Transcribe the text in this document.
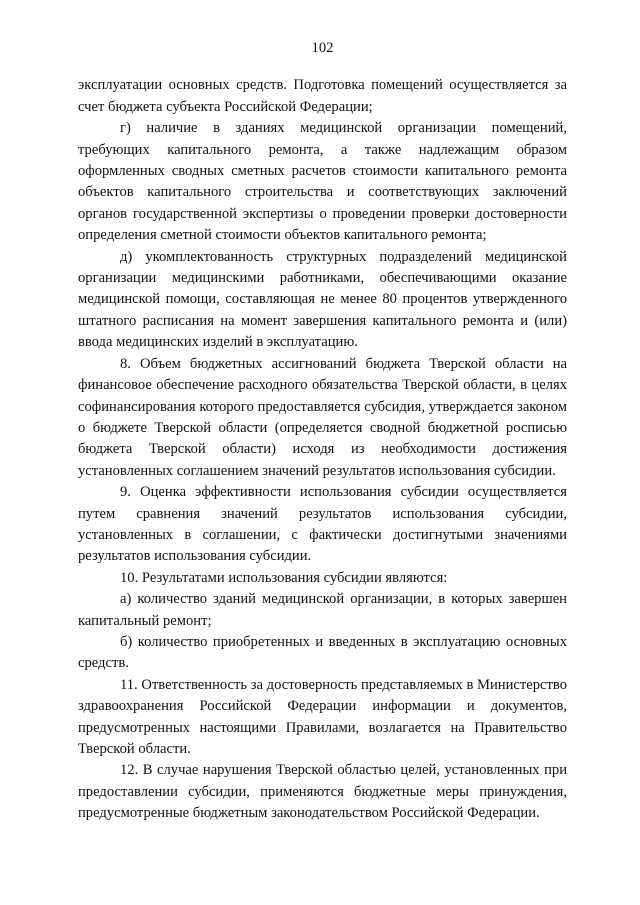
102

эксплуатации основных средств. Подготовка помещений осуществляется за счет бюджета субъекта Российской Федерации;

г) наличие в зданиях медицинской организации помещений, требующих капитального ремонта, а также надлежащим образом оформленных сводных сметных расчетов стоимости капитального ремонта объектов капитального строительства и соответствующих заключений органов государственной экспертизы о проведении проверки достоверности определения сметной стоимости объектов капитального ремонта;

д) укомплектованность структурных подразделений медицинской организации медицинскими работниками, обеспечивающими оказание медицинской помощи, составляющая не менее 80 процентов утвержденного штатного расписания на момент завершения капитального ремонта и (или) ввода медицинских изделий в эксплуатацию.

8. Объем бюджетных ассигнований бюджета Тверской области на финансовое обеспечение расходного обязательства Тверской области, в целях софинансирования которого предоставляется субсидия, утверждается законом о бюджете Тверской области (определяется сводной бюджетной росписью бюджета Тверской области) исходя из необходимости достижения установленных соглашением значений результатов использования субсидии.

9. Оценка эффективности использования субсидии осуществляется путем сравнения значений результатов использования субсидии, установленных в соглашении, с фактически достигнутыми значениями результатов использования субсидии.

10. Результатами использования субсидии являются:

а) количество зданий медицинской организации, в которых завершен капитальный ремонт;

б) количество приобретенных и введенных в эксплуатацию основных средств.

11. Ответственность за достоверность представляемых в Министерство здравоохранения Российской Федерации информации и документов, предусмотренных настоящими Правилами, возлагается на Правительство Тверской области.

12. В случае нарушения Тверской областью целей, установленных при предоставлении субсидии, применяются бюджетные меры принуждения, предусмотренные бюджетным законодательством Российской Федерации.
